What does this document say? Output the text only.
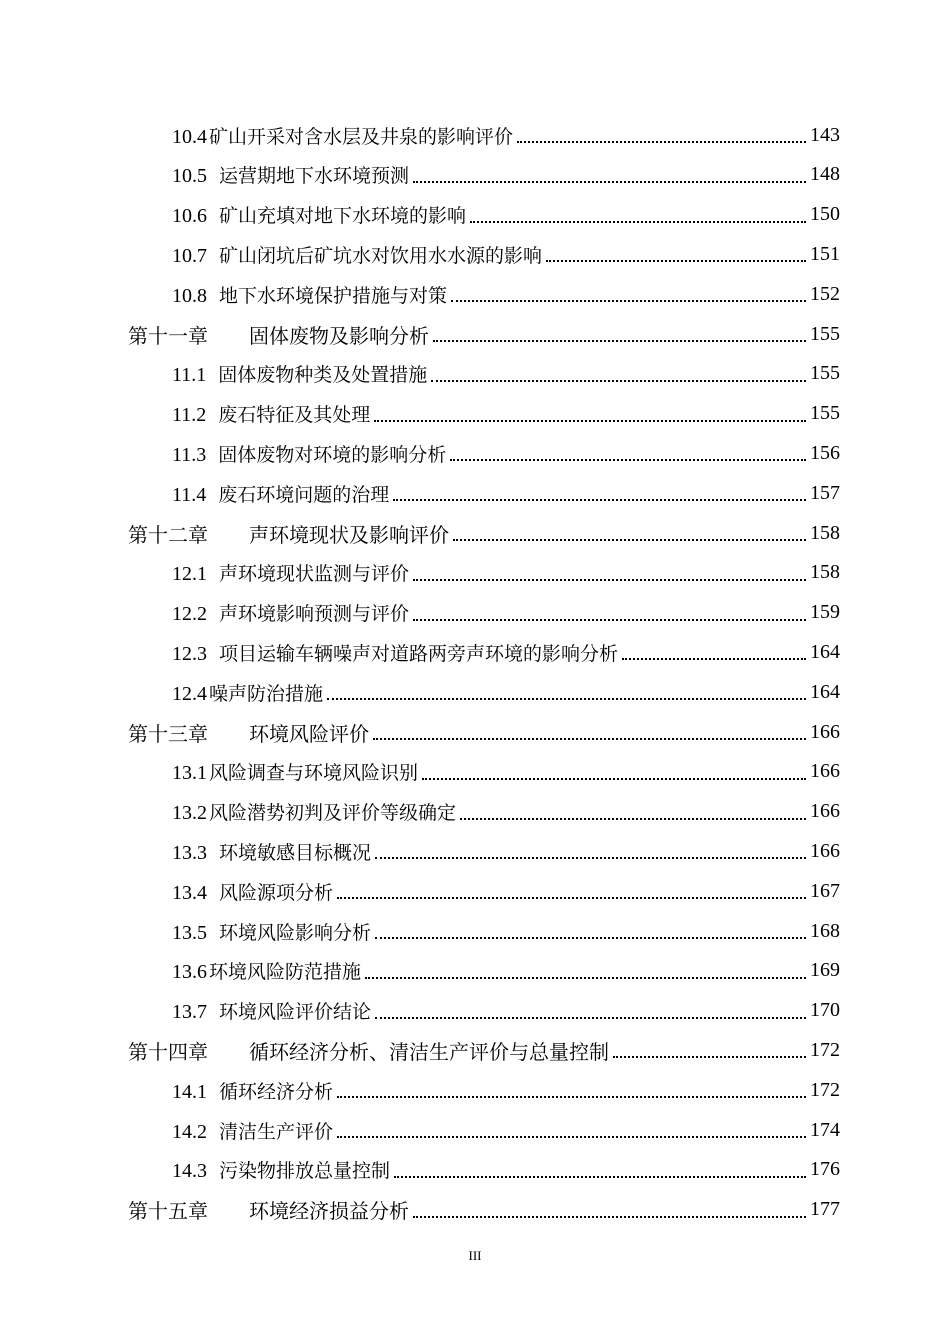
10.4 矿山开采对含水层及井泉的影响评价	143
10.5 运营期地下水环境预测	148
10.6 矿山充填对地下水环境的影响	150
10.7 矿山闭坑后矿坑水对饮用水水源的影响	151
10.8 地下水环境保护措施与对策	152
第十一章 固体废物及影响分析	155
11.1 固体废物种类及处置措施	155
11.2 废石特征及其处理	155
11.3 固体废物对环境的影响分析	156
11.4 废石环境问题的治理	157
第十二章 声环境现状及影响评价	158
12.1 声环境现状监测与评价	158
12.2 声环境影响预测与评价	159
12.3 项目运输车辆噪声对道路两旁声环境的影响分析	164
12.4 噪声防治措施	164
第十三章 环境风险评价	166
13.1 风险调查与环境风险识别	166
13.2 风险潜势初判及评价等级确定	166
13.3 环境敏感目标概况	166
13.4 风险源项分析	167
13.5 环境风险影响分析	168
13.6 环境风险防范措施	169
13.7 环境风险评价结论	170
第十四章 循环经济分析、清洁生产评价与总量控制	172
14.1 循环经济分析	172
14.2 清洁生产评价	174
14.3 污染物排放总量控制	176
第十五章 环境经济损益分析	177
III
